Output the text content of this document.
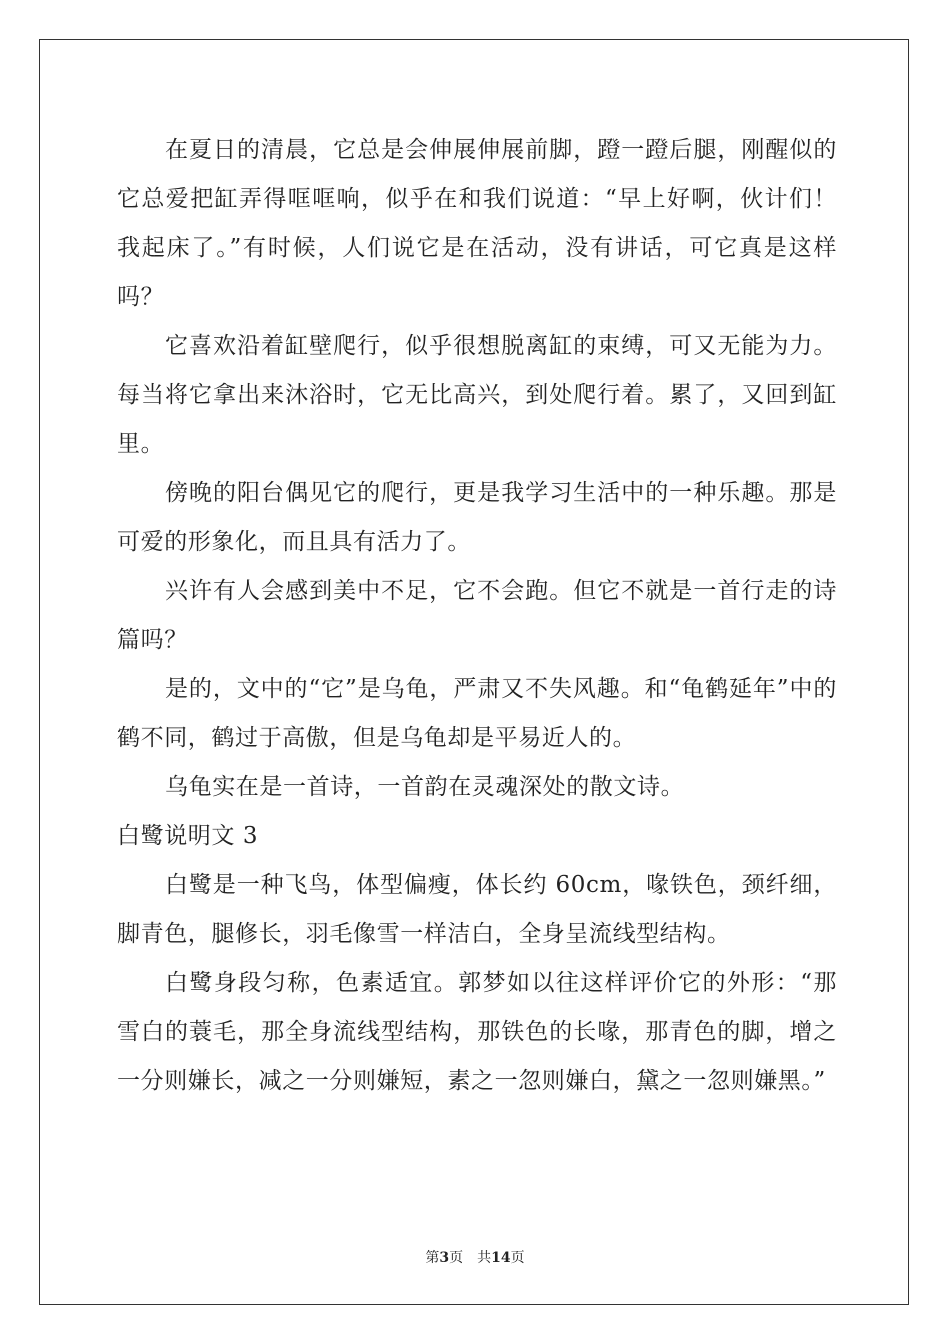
在夏日的清晨，它总是会伸展伸展前脚，蹬一蹬后腿，刚醒似的它总爱把缸弄得哐哐响，似乎在和我们说道：“早上好啊，伙计们！我起床了。”有时候，人们说它是在活动，没有讲话，可它真是这样吗？

它喜欢沿着缸壁爬行，似乎很想脱离缸的束缚，可又无能为力。每当将它拿出来沐浴时，它无比高兴，到处爬行着。累了，又回到缸里。

傍晚的阳台偶见它的爬行，更是我学习生活中的一种乐趣。那是可爱的形象化，而且具有活力了。

兴许有人会感到美中不足，它不会跑。但它不就是一首行走的诗篇吗？

是的，文中的“它”是乌龟，严肃又不失风趣。和“龟鹤延年”中的鹤不同，鹤过于高傲，但是乌龟却是平易近人的。

乌龟实在是一首诗，一首韵在灵魂深处的散文诗。

白鹭说明文 3

白鹭是一种飞鸟，体型偏瘦，体长约 60cm，喙铁色，颈纤细，脚青色，腿修长，羽毛像雪一样洁白，全身呈流线型结构。

白鹭身段匀称，色素适宜。郭梦如以往这样评价它的外形：“那雪白的蓑毛，那全身流线型结构，那铁色的长喙，那青色的脚，增之一分则嫌长，减之一分则嫌短，素之一忽则嫌白，黛之一忽则嫌黑。”

第3页 共14页
